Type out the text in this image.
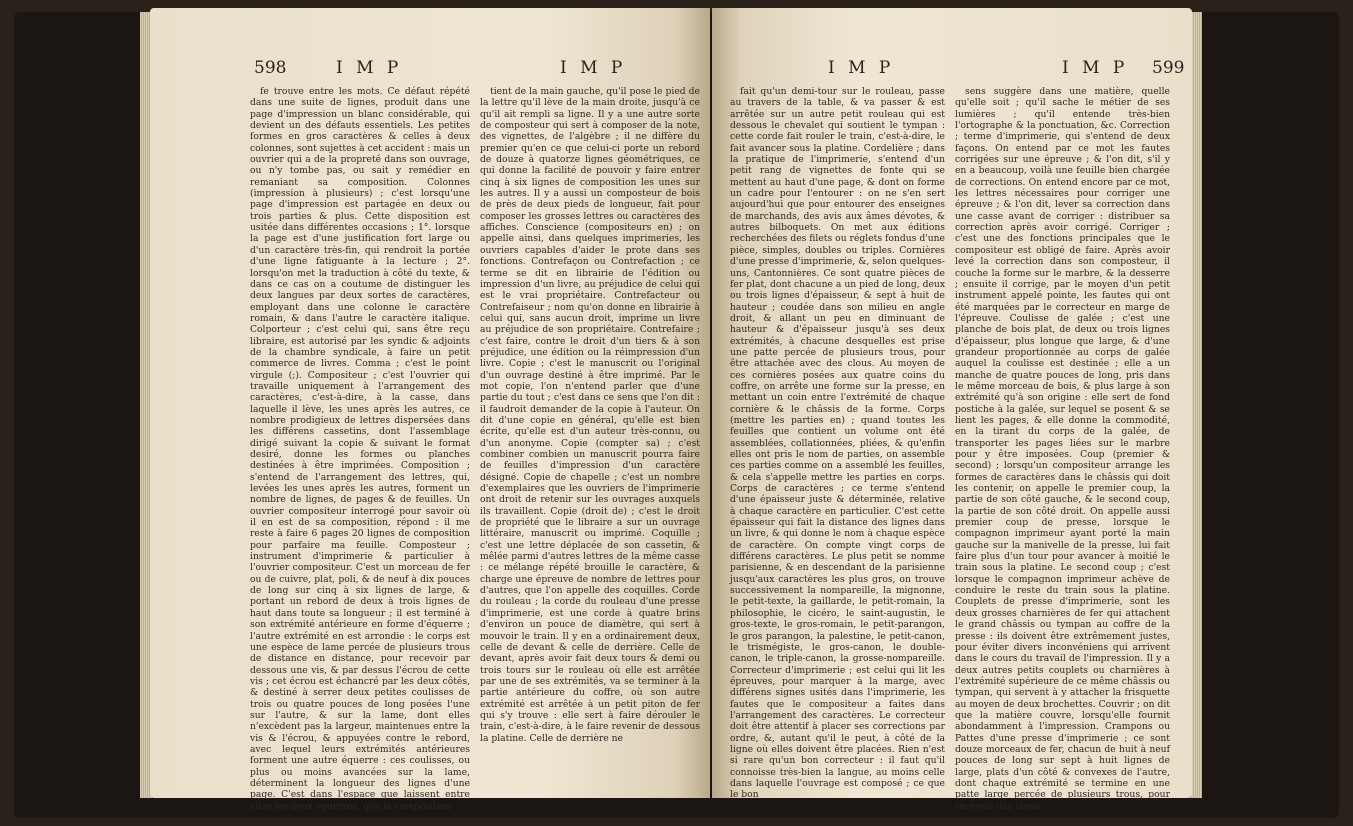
598	I M P	I M P

fe trouve entre les mots. Ce défaut répété dans une suite de lignes, produit dans une page d'impression un blanc considérable, qui devient un des défauts essentiels. Les petites formes en gros caractères & celles à deux colonnes, sont sujettes à cet accident : mais un ouvrier qui a de la propreté dans son ouvrage, ou n'y tombe pas, ou sait y remédier en remaniant sa composition. Colonnes (impression à plusieurs) ; c'est lorsqu'une page d'impression est partagée en deux ou trois parties & plus. Cette disposition est usitée dans différentes occasions ; 1°. lorsque la page est d'une justification fort large ou d'un caractère très-fin, qui rendroit la portée d'une ligne fatiguante à la lecture ; 2°. lorsqu'on met la traduction à côté du texte, & dans ce cas on a coutume de distinguer les deux langues par deux sortes de caractères, employant dans une colonne le caractère romain, & dans l'autre le caractère italique. Colporteur ; c'est celui qui, sans être reçu libraire, est autorisé par les syndic & adjoints de la chambre syndicale, à faire un petit commerce de livres. Comma ; c'est le point virgule (;). Compositeur ; c'est l'ouvrier qui travaille uniquement à l'arrangement des caractères, c'est-à-dire, à la casse, dans laquelle il lève, les unes après les autres, ce nombre prodigieux de lettres dispersées dans les différens cassetins, dont l'assemblage dirigé suivant la copie & suivant le format desiré, donne les formes ou planches destinées à être imprimées. Composition ; s'entend de l'arrangement des lettres, qui, levées les unes après les autres, forment un nombre de lignes, de pages & de feuilles. Un ouvrier compositeur interrogé pour savoir où il en est de sa composition, répond : il me reste à faire 6 pages 20 lignes de composition pour parfaire ma feuille. Composteur ; instrument d'imprimerie & particulier à l'ouvrier compositeur. C'est un morceau de fer ou de cuivre, plat, poli, & de neuf à dix pouces de long sur cinq à six lignes de large, & portant un rebord de deux à trois lignes de haut dans toute sa longueur ; il est terminé à son extrémité antérieure en forme d'équerre ; l'autre extrémité en est arrondie : le corps est une espèce de lame percée de plusieurs trous de distance en distance, pour recevoir par dessous une vis, & par dessus l'écrou de cette vis ; cet écrou est échancré par les deux côtés, & destiné à serrer deux petites coulisses de trois ou quatre pouces de long posées l'une sur l'autre, & sur la lame, dont elles n'excèdent pas la largeur, maintenues entre la vis & l'écrou, & appuyées contre le rebord, avec lequel leurs extrémités antérieures forment une autre équerre : ces coulisses, ou plus ou moins avancées sur la lame, déterminent la longueur des lignes d'une page. C'est dans l'espace que laissent entre elles les deux équerres, que le compositeur

tient de la main gauche, qu'il pose le pied de la lettre qu'il lève de la main droite, jusqu'à ce qu'il ait rempli sa ligne. Il y a une autre sorte de composteur qui sert à composer de la note, des vignettes, de l'algèbre ; il ne diffère du premier qu'en ce que celui-ci porte un rebord de douze à quatorze lignes géométriques, ce qui donne la facilité de pouvoir y faire entrer cinq à six lignes de composition les unes sur les autres. Il y a aussi un composteur de bois de près de deux pieds de longueur, fait pour composer les grosses lettres ou caractères des affiches. Conscience (compositeurs en) ; on appelle ainsi, dans quelques imprimeries, les ouvriers capables d'aider le prote dans ses fonctions. Contrefaçon ou Contrefaction ; ce terme se dit en librairie de l'édition ou impression d'un livre, au préjudice de celui qui est le vrai propriétaire. Contrefacteur ou Contrefaiseur ; nom qu'on donne en librairie à celui qui, sans aucun droit, imprime un livre au préjudice de son propriétaire. Contrefaire ; c'est faire, contre le droit d'un tiers & à son préjudice, une édition ou la réimpression d'un livre. Copie ; c'est le manuscrit ou l'original d'un ouvrage destiné à être imprimé. Par le mot copie, l'on n'entend parler que d'une partie du tout ; c'est dans ce sens que l'on dit : il faudroit demander de la copie à l'auteur. On dit d'une copie en général, qu'elle est bien écrite, qu'elle est d'un auteur très-connu, ou d'un anonyme. Copie (compter sa) ; c'est combiner combien un manuscrit pourra faire de feuilles d'impression d'un caractère désigné. Copie de chapelle ; c'est un nombre d'exemplaires que les ouvriers de l'imprimerie ont droit de retenir sur les ouvrages auxquels ils travaillent. Copie (droit de) ; c'est le droit de propriété que le libraire a sur un ouvrage littéraire, manuscrit ou imprimé. Coquille ; c'est une lettre déplacée de son cassetin, & mêlée parmi d'autres lettres de la même casse : ce mélange répété brouille le caractère, & charge une épreuve de nombre de lettres pour d'autres, que l'on appelle des coquilles. Corde du rouleau ; la corde du rouleau d'une presse d'imprimerie, est une corde à quatre brins d'environ un pouce de diamètre, qui sert à mouvoir le train. Il y en a ordinairement deux, celle de devant & celle de derrière. Celle de devant, après avoir fait deux tours & demi ou trois tours sur le rouleau où elle est arrêtée par une de ses extrémités, va se terminer à la partie antérieure du coffre, où son autre extrémité est arrêtée à un petit piton de fer qui s'y trouve : elle sert à faire dérouler le train, c'est-à-dire, à le faire revenir de dessous la platine. Celle de derrière ne

I M P	I M P 599

fait qu'un demi-tour sur le rouleau, passe au travers de la table, & va passer & est arrêtée sur un autre petit rouleau qui est dessous le chevalet qui soutient le tympan : cette corde fait rouler le train, c'est-à-dire, le fait avancer sous la platine. Cordelière ; dans la pratique de l'imprimerie, s'entend d'un petit rang de vignettes de fonte qui se mettent au haut d'une page, & dont on forme un cadre pour l'entourer : on ne s'en sert aujourd'hui que pour entourer des enseignes de marchands, des avis aux âmes dévotes, & autres bilboquets. On met aux éditions recherchées des filets ou réglets fondus d'une pièce, simples, doubles ou triples. Cornières d'une presse d'imprimerie, &, selon quelques-uns, Cantonnières. Ce sont quatre pièces de fer plat, dont chacune a un pied de long, deux ou trois lignes d'épaisseur, & sept à huit de hauteur ; coudée dans son milieu en angle droit, & allant un peu en diminuant de hauteur & d'épaisseur jusqu'à ses deux extrémités, à chacune desquelles est prise une patte percée de plusieurs trous, pour être attachée avec des clous. Au moyen de ces cornières posées aux quatre coins du coffre, on arrête une forme sur la presse, en mettant un coin entre l'extrémité de chaque cornière & le châssis de la forme. Corps (mettre les parties en) ; quand toutes les feuilles que contient un volume ont été assemblées, collationnées, pliées, & qu'enfin elles ont pris le nom de parties, on assemble ces parties comme on a assemblé les feuilles, & cela s'appelle mettre les parties en corps. Corps de caractères ; ce terme s'entend d'une épaisseur juste & déterminée, relative à chaque caractère en particulier. C'est cette épaisseur qui fait la distance des lignes dans un livre, & qui donne le nom à chaque espèce de caractère. On compte vingt corps de différens caractères. Le plus petit se nomme parisienne, & en descendant de la parisienne jusqu'aux caractères les plus gros, on trouve successivement la nompareille, la mignonne, le petit-texte, la gaillarde, le petit-romain, la philosophie, le cicéro, le saint-augustin, le gros-texte, le gros-romain, le petit-parangon, le gros parangon, la palestine, le petit-canon, le trismégiste, le gros-canon, le double-canon, le triple-canon, la grosse-nompareille. Correcteur d'imprimerie ; est celui qui lit les épreuves, pour marquer à la marge, avec différens signes usités dans l'imprimerie, les fautes que le compositeur a faites dans l'arrangement des caractères. Le correcteur doit être attentif à placer ses corrections par ordre, &, autant qu'il le peut, à côté de la ligne où elles doivent être placées. Rien n'est si rare qu'un bon correcteur : il faut qu'il connoisse très-bien la langue, au moins celle dans laquelle l'ouvrage est composé ; ce que le bon

sens suggère dans une matière, quelle qu'elle soit ; qu'il sache le métier de ses lumières ; qu'il entende très-bien l'ortographe & la ponctuation, &c. Correction ; terme d'imprimerie, qui s'entend de deux façons. On entend par ce mot les fautes corrigées sur une épreuve ; & l'on dit, s'il y en a beaucoup, voilà une feuille bien chargée de corrections. On entend encore par ce mot, les lettres nécessaires pour corriger une épreuve ; & l'on dit, lever sa correction dans une casse avant de corriger : distribuer sa correction après avoir corrigé. Corriger ; c'est une des fonctions principales que le compositeur est obligé de faire. Après avoir levé la correction dans son composteur, il couche la forme sur le marbre, & la desserre ; ensuite il corrige, par le moyen d'un petit instrument appelé pointe, les fautes qui ont été marquées par le correcteur en marge de l'épreuve. Coulisse de galée ; c'est une planche de bois plat, de deux ou trois lignes d'épaisseur, plus longue que large, & d'une grandeur proportionnée au corps de galée auquel la coulisse est destinée ; elle a un manche de quatre pouces de long, pris dans le même morceau de bois, & plus large à son extrémité qu'à son origine : elle sert de fond postiche à la galée, sur lequel se posent & se lient les pages, & elle donne la commodité, en la tirant du corps de la galée, de transporter les pages liées sur le marbre pour y être imposées. Coup (premier & second) ; lorsqu'un compositeur arrange les formes de caractères dans le châssis qui doit les contenir, on appelle le premier coup, la partie de son côté gauche, & le second coup, la partie de son côté droit. On appelle aussi premier coup de presse, lorsque le compagnon imprimeur ayant porté la main gauche sur la manivelle de la presse, lui fait faire plus d'un tour pour avancer à moitié le train sous la platine. Le second coup ; c'est lorsque le compagnon imprimeur achève de conduire le reste du train sous la platine. Couplets de presse d'imprimerie, sont les deux grosses charnières de fer qui attachent le grand châssis ou tympan au coffre de la presse : ils doivent être extrêmement justes, pour éviter divers inconvéniens qui arrivent dans le cours du travail de l'impression. Il y a deux autres petits couplets ou charnières à l'extrémité supérieure de ce même châssis ou tympan, qui servent à y attacher la frisquette au moyen de deux brochettes. Couvrir ; on dit que la matière couvre, lorsqu'elle fournit abondamment à l'impression. Crampons ou Pattes d'une presse d'imprimerie ; ce sont douze morceaux de fer, chacun de huit à neuf pouces de long sur sept à huit lignes de large, plats d'un côté & convexes de l'autre, dont chaque extrémité se termine en une patte large percée de plusieurs trous, pour recevoir des clous
